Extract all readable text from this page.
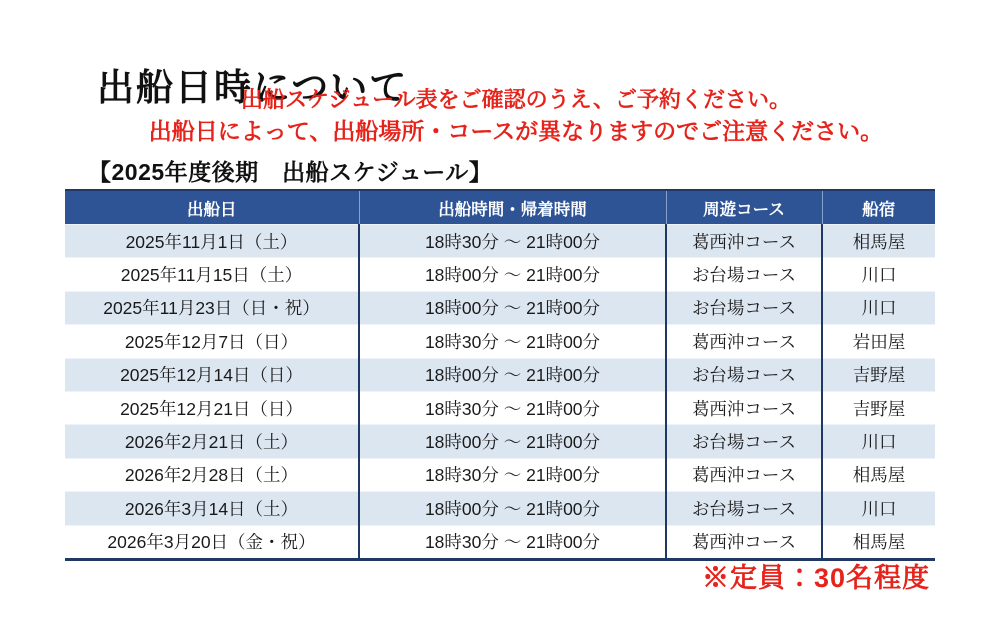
出船日時について
出船スケジュール表をご確認のうえ、ご予約ください。
出船日によって、出船場所・コースが異なりますのでご注意ください。
【2025年度後期　出船スケジュール】
出船日	出船時間・帰着時間	周遊コース	船宿
2025年11月1日（土）	18時30分 ～ 21時00分	葛西沖コース	相馬屋
2025年11月15日（土）	18時00分 ～ 21時00分	お台場コース	川口
2025年11月23日（日・祝）	18時00分 ～ 21時00分	お台場コース	川口
2025年12月7日（日）	18時30分 ～ 21時00分	葛西沖コース	岩田屋
2025年12月14日（日）	18時00分 ～ 21時00分	お台場コース	吉野屋
2025年12月21日（日）	18時30分 ～ 21時00分	葛西沖コース	吉野屋
2026年2月21日（土）	18時00分 ～ 21時00分	お台場コース	川口
2026年2月28日（土）	18時30分 ～ 21時00分	葛西沖コース	相馬屋
2026年3月14日（土）	18時00分 ～ 21時00分	お台場コース	川口
2026年3月20日（金・祝）	18時30分 ～ 21時00分	葛西沖コース	相馬屋
※定員：30名程度
